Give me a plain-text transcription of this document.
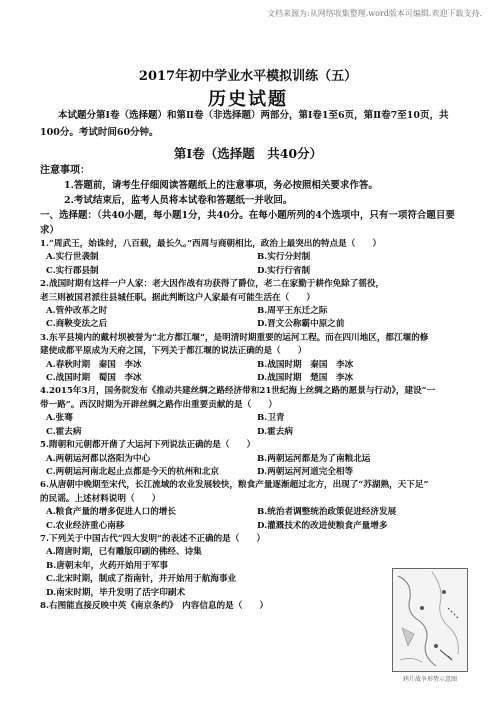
文档来源为:从网络收集整理.word版本可编辑.欢迎下载支持.
2017年初中学业水平模拟训练（五）
历史试题
本试题分第Ⅰ卷（选择题）和第Ⅱ卷（非选择题）两部分，第Ⅰ卷1至6页，第Ⅱ卷7至10页，共100分。考试时间60分钟。
第Ⅰ卷（选择题　共40分）
注意事项：
1.答题前，请考生仔细阅读答题纸上的注意事项，务必按照相关要求作答。
2.考试结束后，监考人员将本试卷和答题纸一并收回。
一、选择题：（共40小题，每小题1分，共40分。在每小题所列的4个选项中，只有一项符合题目要求）
1.“周武王，始诛纣，八百载，最长久。”西周与商朝相比，政治上最突出的特点是（　　）
A.实行世袭制	B.实行分封制
C.实行郡县制	D.实行行省制
2.战国时期有这样一户人家：老大因作战有功获得了爵位，老二在家勤于耕作免除了徭役，
老三则被国君派往县城任职。据此判断这户人家最有可能生活在（　　）
A.管仲改革之时	B.周平王东迁之际
C.商鞅变法之后	D.晋文公称霸中原之前
3.东平县境内的戴村坝被誉为“北方都江堰”，是明清时期重要的运河工程。而在四川地区，都江堰的修
建使成都平原成为天府之国，下列关于都江堰的说法正确的是（　　）
A.春秋时期　秦国　李冰	B.战国时期　秦国　李冰
C.战国时期　蜀国　李冰	D.战国时期　楚国　李冰
4.2015年3月，国务院发布《推动共建丝绸之路经济带和21世纪海上丝绸之路的愿景与行动》，建设“一
带一路”。西汉时期为开辟丝绸之路作出重要贡献的是（　　）
A.张骞	B.卫青
C.霍去病	D.霍去病
5.隋朝和元朝都开凿了大运河下列说法正确的是（　　）
A.两朝运河都以洛阳为中心	B.两朝运河都是为了南粮北运
C.两朝运河南北起止点都是今天的杭州和北京	D.两朝运河河道完全相等
6.从唐朝中晚期至宋代，长江流域的农业发展较快，粮食产量逐渐超过北方，出现了“苏湖熟，天下足”
的民谣。上述材料说明（　　）
A.粮食产量的增多促进人口的增长	B.统治者调整统治政策促进经济发展
C.农业经济重心南移	D.灌溉技术的改进使粮食产量增多
7.下列关于中国古代“四大发明”的表述不正确的是（　　）
A.隋唐时期，已有雕版印刷的佛经、诗集
B.唐朝末年，火药开始用于军事
C.北宋时期，制成了指南针，并开始用于航海事业
D.南宋时期，毕升发明了活字印刷术
8.右图能直接反映中英《南京条约》　内容信息的是（　　）
鸦片战争形势示意图
